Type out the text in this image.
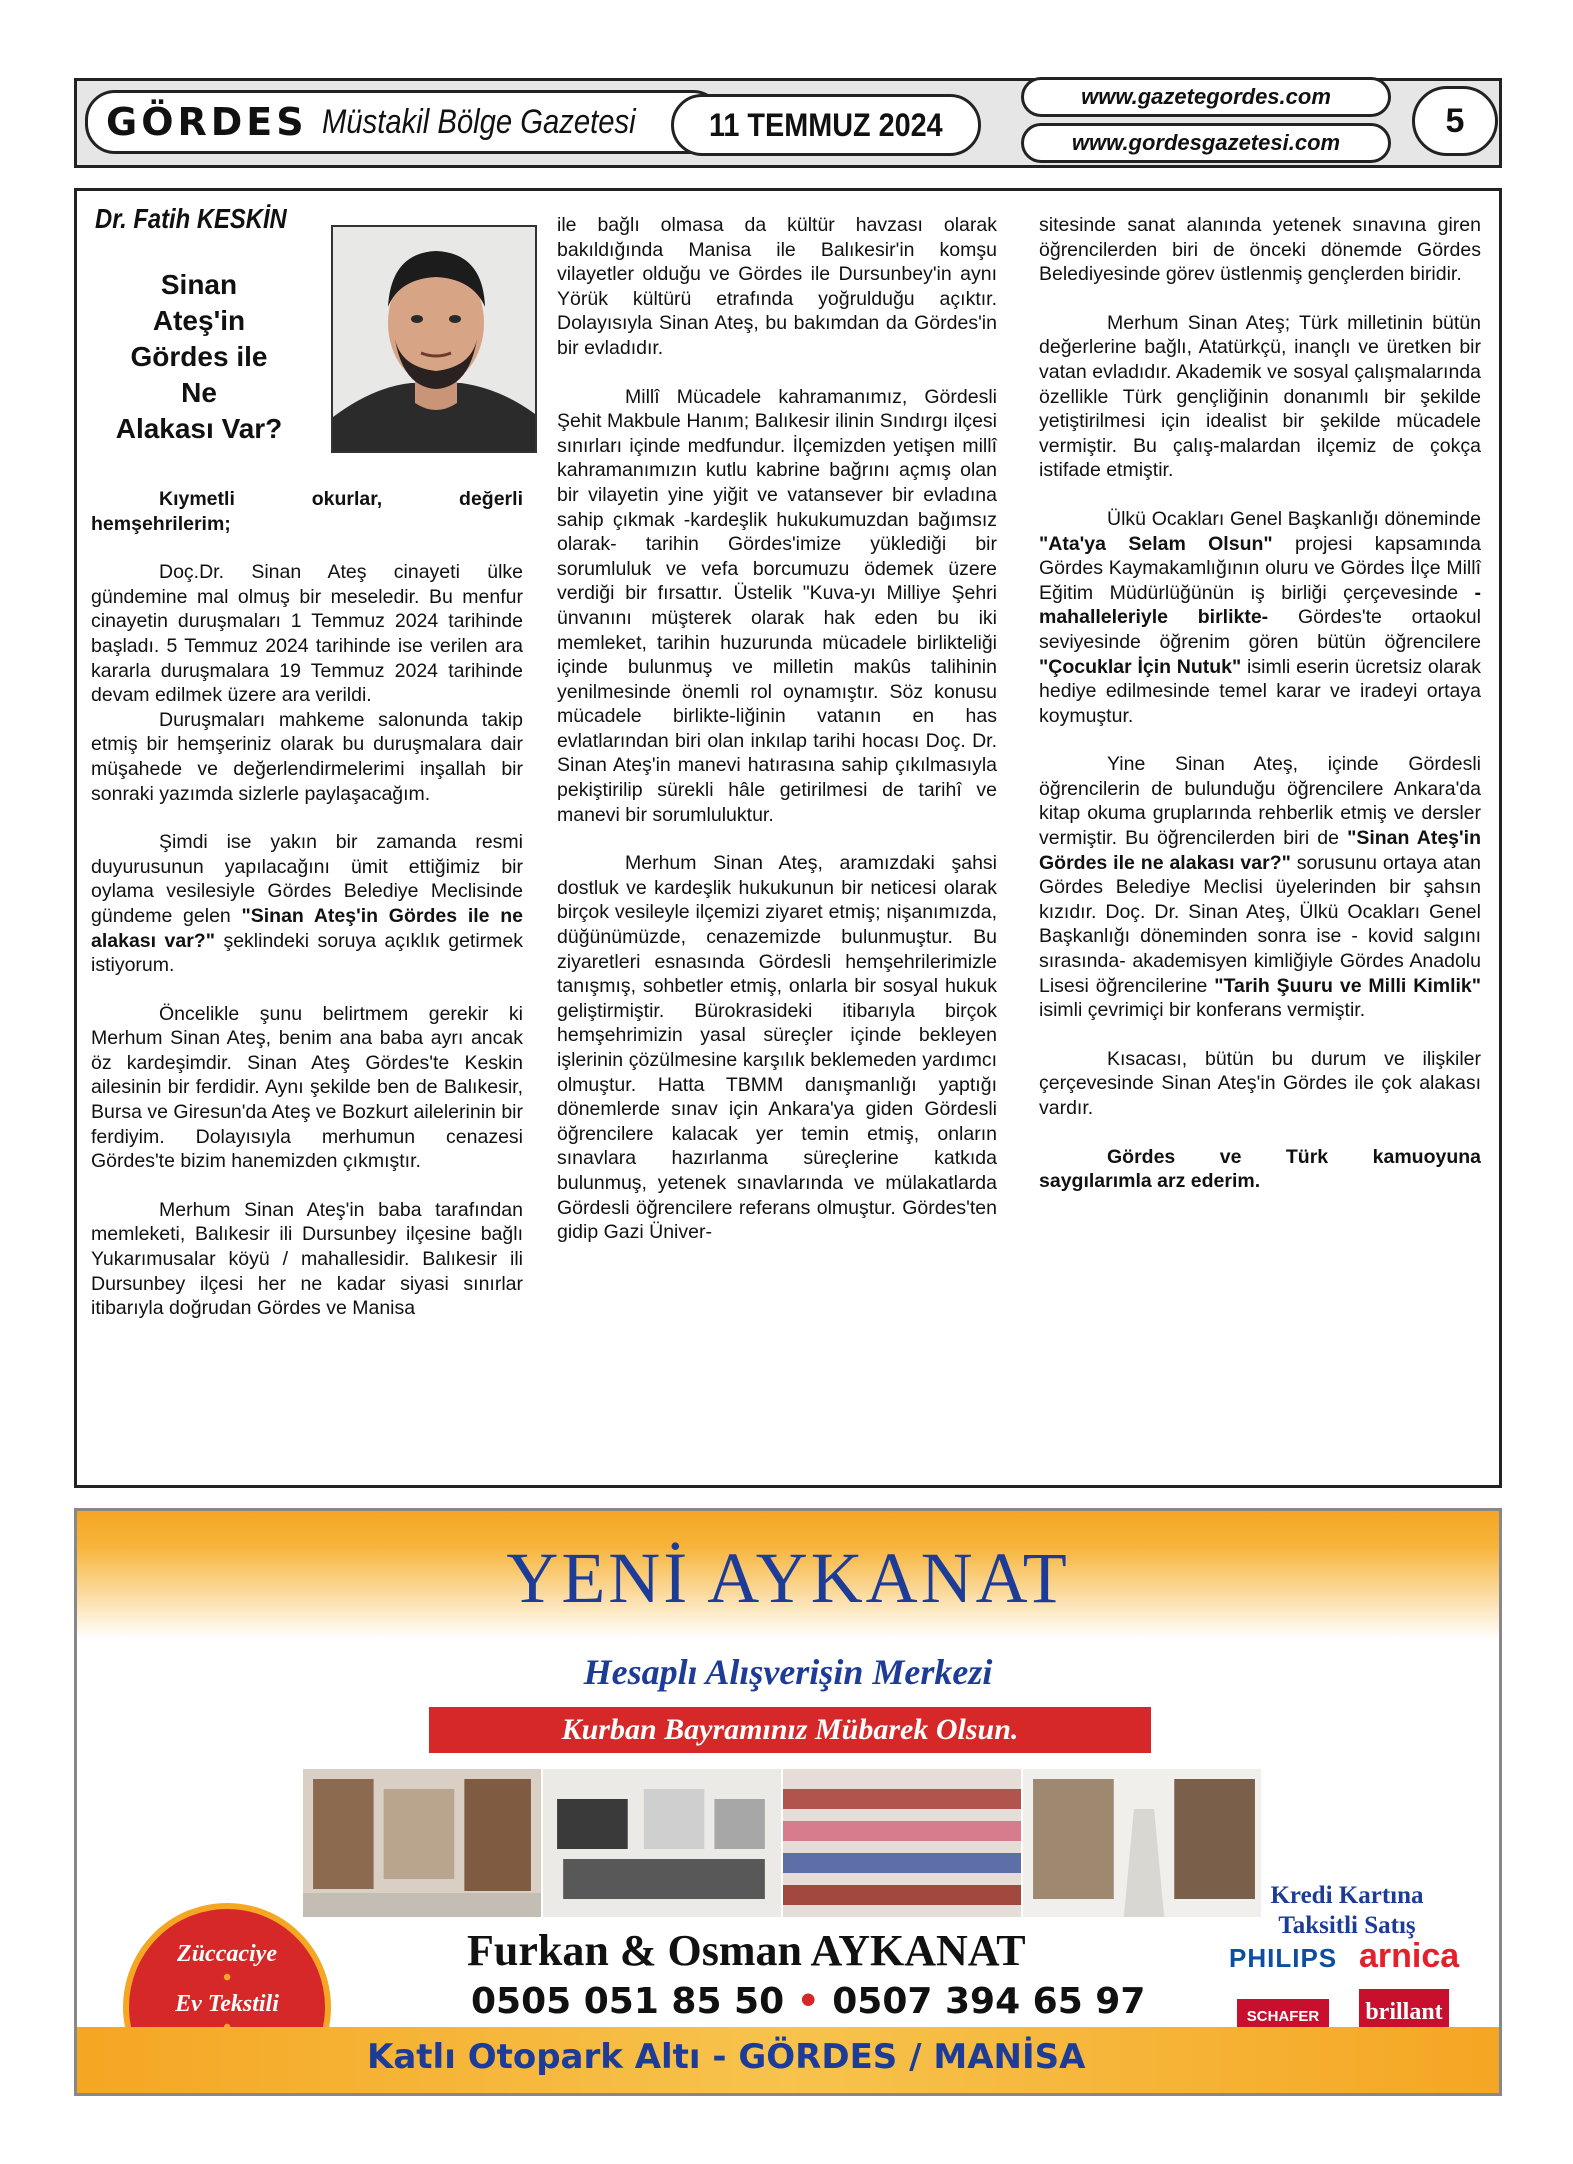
GÖRDES Müstakil Bölge Gazetesi 11 TEMMUZ 2024
www.gazetegordes.com
www.gordesgazetesi.com
5
Dr. Fatih KESKİN
Sinan
Ateş'in
Gördes ile
Ne
Alakası Var?

Kıymetli okurlar, değerli hemşehrilerim;

Doç.Dr. Sinan Ateş cinayeti ülke gündemine mal olmuş bir meseledir. Bu menfur cinayetin duruşmaları 1 Temmuz 2024 tarihinde başladı. 5 Temmuz 2024 tarihinde ise verilen ara kararla duruşmalara 19 Temmuz 2024 tarihinde devam edilmek üzere ara verildi.

Duruşmaları mahkeme salonunda takip etmiş bir hemşeriniz olarak bu duruşmalara dair müşahede ve değerlendirmelerimi inşallah bir sonraki yazımda sizlerle paylaşacağım.

Şimdi ise yakın bir zamanda resmi duyurusunun yapılacağını ümit ettiğimiz bir oylama vesilesiyle Gördes Belediye Meclisinde gündeme gelen "Sinan Ateş'in Gördes ile ne alakası var?" şeklindeki soruya açıklık getirmek istiyorum.

Öncelikle şunu belirtmem gerekir ki Merhum Sinan Ateş, benim ana baba ayrı ancak öz kardeşimdir. Sinan Ateş Gördes'te Keskin ailesinin bir ferdidir. Aynı şekilde ben de Balıkesir, Bursa ve Giresun'da Ateş ve Bozkurt ailelerinin bir ferdiyim. Dolayısıyla merhumun cenazesi Gördes'te bizim hanemizden çıkmıştır.

Merhum Sinan Ateş'in baba tarafından memleketi, Balıkesir ili Dursunbey ilçesine bağlı Yukarımusalar köyü / mahallesidir. Balıkesir ili Dursunbey ilçesi her ne kadar siyasi sınırlar itibarıyla doğrudan Gördes ve Manisa

ile bağlı olmasa da kültür havzası olarak bakıldığında Manisa ile Balıkesir'in komşu vilayetler olduğu ve Gördes ile Dursunbey'in aynı Yörük kültürü etrafında yoğrulduğu açıktır. Dolayısıyla Sinan Ateş, bu bakımdan da Gördes'in bir evladıdır.

Millî Mücadele kahramanımız, Gördesli Şehit Makbule Hanım; Balıkesir ilinin Sındırgı ilçesi sınırları içinde medfundur. İlçemizden yetişen millî kahramanımızın kutlu kabrine bağrını açmış olan bir vilayetin yine yiğit ve vatansever bir evladına sahip çıkmak -kardeşlik hukukumuzdan bağımsız olarak- tarihin Gördes'imize yüklediği bir sorumluluk ve vefa borcumuzu ödemek üzere verdiği bir fırsattır. Üstelik "Kuva-yı Milliye Şehri ünvanını müşterek olarak hak eden bu iki memleket, tarihin huzurunda mücadele birlikteliği içinde bulunmuş ve milletin makûs talihinin yenilmesinde önemli rol oynamıştır. Söz konusu mücadele birlikte-liğinin vatanın en has evlatlarından biri olan inkılap tarihi hocası Doç. Dr. Sinan Ateş'in manevi hatırasına sahip çıkılmasıyla pekiştirilip sürekli hâle getirilmesi de tarihî ve manevi bir sorumluluktur.

Merhum Sinan Ateş, aramızdaki şahsi dostluk ve kardeşlik hukukunun bir neticesi olarak birçok vesileyle ilçemizi ziyaret etmiş; nişanımızda, düğünümüzde, cenazemizde bulunmuştur. Bu ziyaretleri esnasında Gördesli hemşehrilerimizle tanışmış, sohbetler etmiş, onlarla bir sosyal hukuk geliştirmiştir. Bürokrasideki itibarıyla birçok hemşehrimizin yasal süreçler içinde bekleyen işlerinin çözülmesine karşılık beklemeden yardımcı olmuştur. Hatta TBMM danışmanlığı yaptığı dönemlerde sınav için Ankara'ya giden Gördesli öğrencilere kalacak yer temin etmiş, onların sınavlara hazırlanma süreçlerine katkıda bulunmuş, yetenek sınavlarında ve mülakatlarda Gördesli öğrencilere referans olmuştur. Gördes'ten gidip Gazi Üniver-

sitesinde sanat alanında yetenek sınavına giren öğrencilerden biri de önceki dönemde Gördes Belediyesinde görev üstlenmiş gençlerden biridir.

Merhum Sinan Ateş; Türk milletinin bütün değerlerine bağlı, Atatürkçü, inançlı ve üretken bir vatan evladıdır. Akademik ve sosyal çalışmalarında özellikle Türk gençliğinin donanımlı bir şekilde yetiştirilmesi için idealist bir şekilde mücadele vermiştir. Bu çalış-malardan ilçemiz de çokça istifade etmiştir.

Ülkü Ocakları Genel Başkanlığı döneminde "Ata'ya Selam Olsun" projesi kapsamında Gördes Kaymakamlığının oluru ve Gördes İlçe Millî Eğitim Müdürlüğünün iş birliği çerçevesinde -mahalleleriyle birlikte- Gördes'te ortaokul seviyesinde öğrenim gören bütün öğrencilere "Çocuklar İçin Nutuk" isimli eserin ücretsiz olarak hediye edilmesinde temel karar ve iradeyi ortaya koymuştur.

Yine Sinan Ateş, içinde Gördesli öğrencilerin de bulunduğu öğrencilere Ankara'da kitap okuma gruplarında rehberlik etmiş ve dersler vermiştir. Bu öğrencilerden biri de "Sinan Ateş'in Gördes ile ne alakası var?" sorusunu ortaya atan Gördes Belediye Meclisi üyelerinden bir şahsın kızıdır. Doç. Dr. Sinan Ateş, Ülkü Ocakları Genel Başkanlığı döneminden sonra ise - kovid salgını sırasında- akademisyen kimliğiyle Gördes Anadolu Lisesi öğrencilerine "Tarih Şuuru ve Milli Kimlik" isimli çevrimiçi bir konferans vermiştir.

Kısacası, bütün bu durum ve ilişkiler çerçevesinde Sinan Ateş'in Gördes ile çok alakası vardır.

Gördes ve Türk kamuoyuna saygılarımla arz ederim.

YENİ AYKANAT
Hesaplı Alışverişin Merkezi
Kurban Bayramınız Mübarek Olsun.
Züccaciye
•
Ev Tekstili
Furkan & Osman AYKANAT
0505 051 85 50 • 0507 394 65 97
Kredi Kartına
Taksitli Satış
PHILIPS arnica
SCHAFER	brillant
Katlı Otopark Altı - GÖRDES / MANİSA
